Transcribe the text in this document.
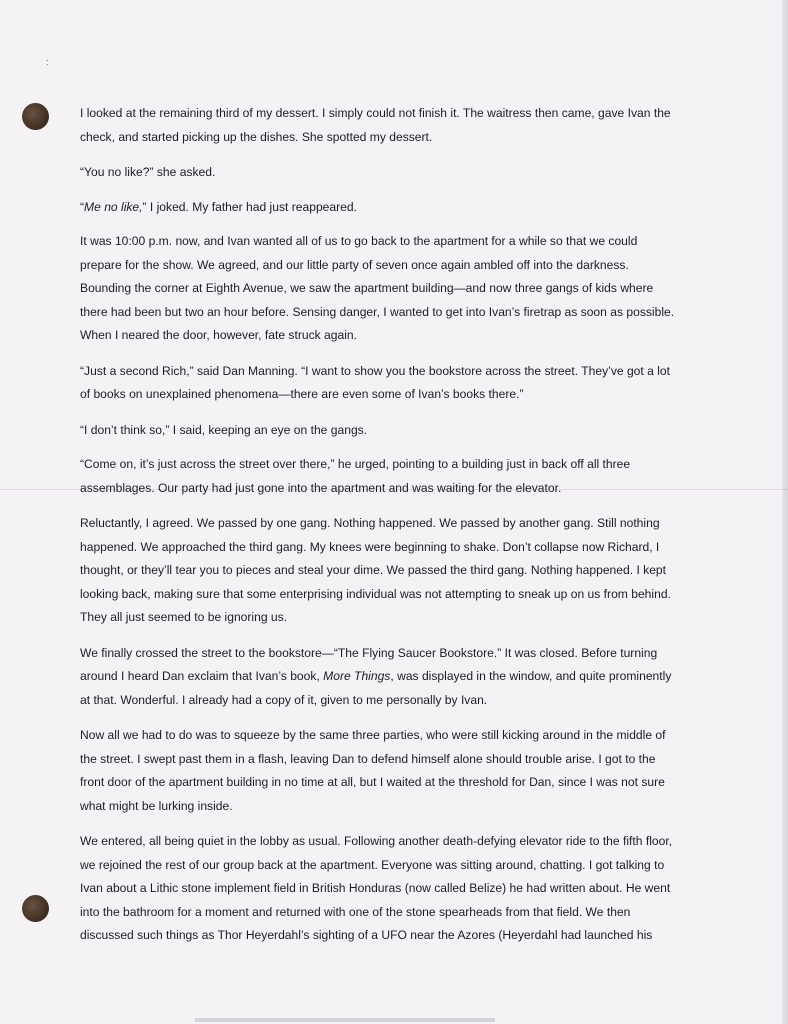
:

I looked at the remaining third of my dessert. I simply could not finish it. The waitress then came, gave Ivan the check, and started picking up the dishes. She spotted my dessert.

“You no like?” she asked.

“Me no like,” I joked. My father had just reappeared.

It was 10:00 p.m. now, and Ivan wanted all of us to go back to the apartment for a while so that we could prepare for the show. We agreed, and our little party of seven once again ambled off into the darkness. Bounding the corner at Eighth Avenue, we saw the apartment building—and now three gangs of kids where there had been but two an hour before. Sensing danger, I wanted to get into Ivan’s firetrap as soon as possible. When I neared the door, however, fate struck again.

“Just a second Rich,” said Dan Manning. “I want to show you the bookstore across the street. They’ve got a lot of books on unexplained phenomena—there are even some of Ivan’s books there.”

“I don’t think so,” I said, keeping an eye on the gangs.

“Come on, it’s just across the street over there,” he urged, pointing to a building just in back off all three assemblages. Our party had just gone into the apartment and was waiting for the elevator.

Reluctantly, I agreed. We passed by one gang. Nothing happened. We passed by another gang. Still nothing happened. We approached the third gang. My knees were beginning to shake. Don’t collapse now Richard, I thought, or they’ll tear you to pieces and steal your dime. We passed the third gang. Nothing happened. I kept looking back, making sure that some enterprising individual was not attempting to sneak up on us from behind. They all just seemed to be ignoring us.

We finally crossed the street to the bookstore—“The Flying Saucer Bookstore.” It was closed. Before turning around I heard Dan exclaim that Ivan’s book, More Things, was displayed in the window, and quite prominently at that. Wonderful. I already had a copy of it, given to me personally by Ivan.

Now all we had to do was to squeeze by the same three parties, who were still kicking around in the middle of the street. I swept past them in a flash, leaving Dan to defend himself alone should trouble arise. I got to the front door of the apartment building in no time at all, but I waited at the threshold for Dan, since I was not sure what might be lurking inside.

We entered, all being quiet in the lobby as usual. Following another death-defying elevator ride to the fifth floor, we rejoined the rest of our group back at the apartment. Everyone was sitting around, chatting. I got talking to Ivan about a Lithic stone implement field in British Honduras (now called Belize) he had written about. He went into the bathroom for a moment and returned with one of the stone spearheads from that field. We then discussed such things as Thor Heyerdahl’s sighting of a UFO near the Azores (Heyerdahl had launched his
